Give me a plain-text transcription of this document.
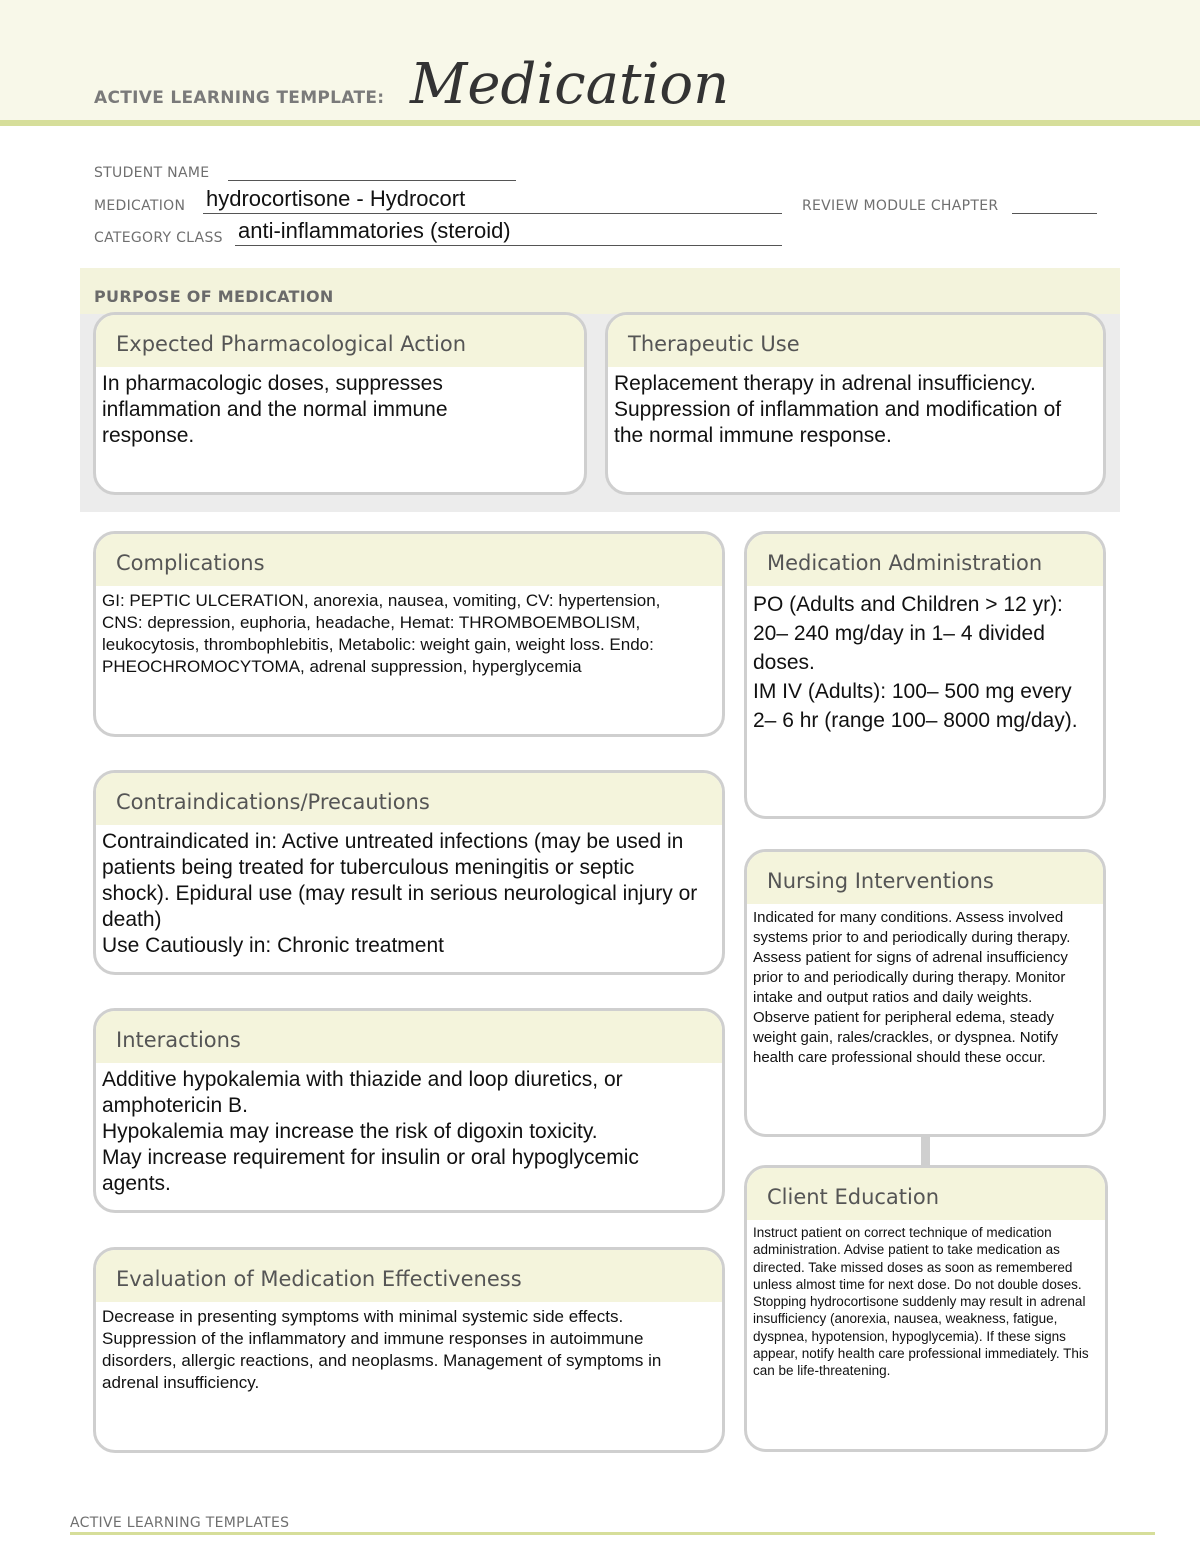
ACTIVE LEARNING TEMPLATE: Medication
STUDENT NAME
MEDICATION hydrocortisone - Hydrocort	REVIEW MODULE CHAPTER
CATEGORY CLASS anti-inflammatories (steroid)
PURPOSE OF MEDICATION
Expected Pharmacological Action
In pharmacologic doses, suppresses inflammation and the normal immune response.
Therapeutic Use
Replacement therapy in adrenal insufficiency. Suppression of inflammation and modification of the normal immune response.
Complications
GI: PEPTIC ULCERATION, anorexia, nausea, vomiting, CV: hypertension, CNS: depression, euphoria, headache, Hemat: THROMBOEMBOLISM, leukocytosis, thrombophlebitis, Metabolic: weight gain, weight loss. Endo: PHEOCHROMOCYTOMA, adrenal suppression, hyperglycemia
Medication Administration
PO (Adults and Children > 12 yr): 20– 240 mg/day in 1– 4 divided doses.
IM IV (Adults): 100– 500 mg every 2– 6 hr (range 100– 8000 mg/day).
Contraindications/Precautions
Contraindicated in: Active untreated infections (may be used in patients being treated for tuberculous meningitis or septic shock). Epidural use (may result in serious neurological injury or death)
Use Cautiously in: Chronic treatment
Nursing Interventions
Indicated for many conditions. Assess involved systems prior to and periodically during therapy. Assess patient for signs of adrenal insufficiency prior to and periodically during therapy. Monitor intake and output ratios and daily weights. Observe patient for peripheral edema, steady weight gain, rales/crackles, or dyspnea. Notify health care professional should these occur.
Interactions
Additive hypokalemia with thiazide and loop diuretics, or amphotericin B.
Hypokalemia may increase the risk of digoxin toxicity.
May increase requirement for insulin or oral hypoglycemic agents.
Client Education
Instruct patient on correct technique of medication administration. Advise patient to take medication as directed. Take missed doses as soon as remembered unless almost time for next dose. Do not double doses. Stopping hydrocortisone suddenly may result in adrenal insufficiency (anorexia, nausea, weakness, fatigue, dyspnea, hypotension, hypoglycemia). If these signs appear, notify health care professional immediately. This can be life-threatening.
Evaluation of Medication Effectiveness
Decrease in presenting symptoms with minimal systemic side effects. Suppression of the inflammatory and immune responses in autoimmune disorders, allergic reactions, and neoplasms. Management of symptoms in adrenal insufficiency.
ACTIVE LEARNING TEMPLATES
